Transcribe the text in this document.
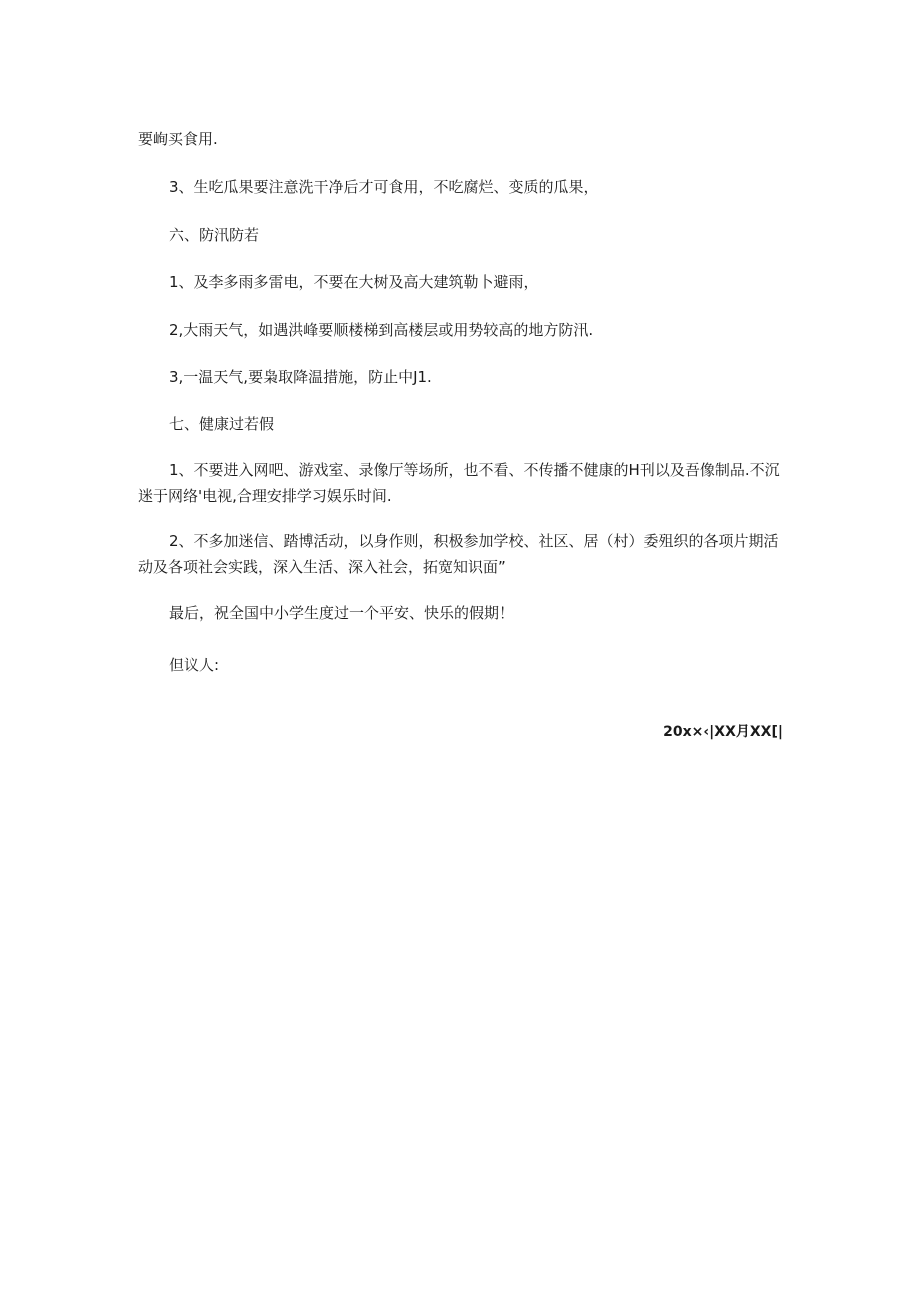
要峋买食用.

3、生吃瓜果要注意洗干净后才可食用，不吃腐烂、变质的瓜果，

六、防汛防若

1、及李多雨多雷电，不要在大树及高大建筑勒卜避雨，

2,大雨天气，如遇洪峰要顺楼梯到高楼层或用势较高的地方防汛.

3,一温天气,要枭取降温措施，防止中J1.

七、健康过若假

1、不要进入网吧、游戏室、录像厅等场所，也不看、不传播不健康的H刊以及吾像制品.不沉迷于网络'电视,合理安排学习娱乐时间.

2、不多加迷信、踏博活动，以身作则，积极参加学校、社区、居（村）委殂织的各项片期活动及各项社会实践，深入生活、深入社会，拓宽知识面”

最后，祝全国中小学生度过一个平安、快乐的假期！

但议人:

20x×‹|XX月XX[|
